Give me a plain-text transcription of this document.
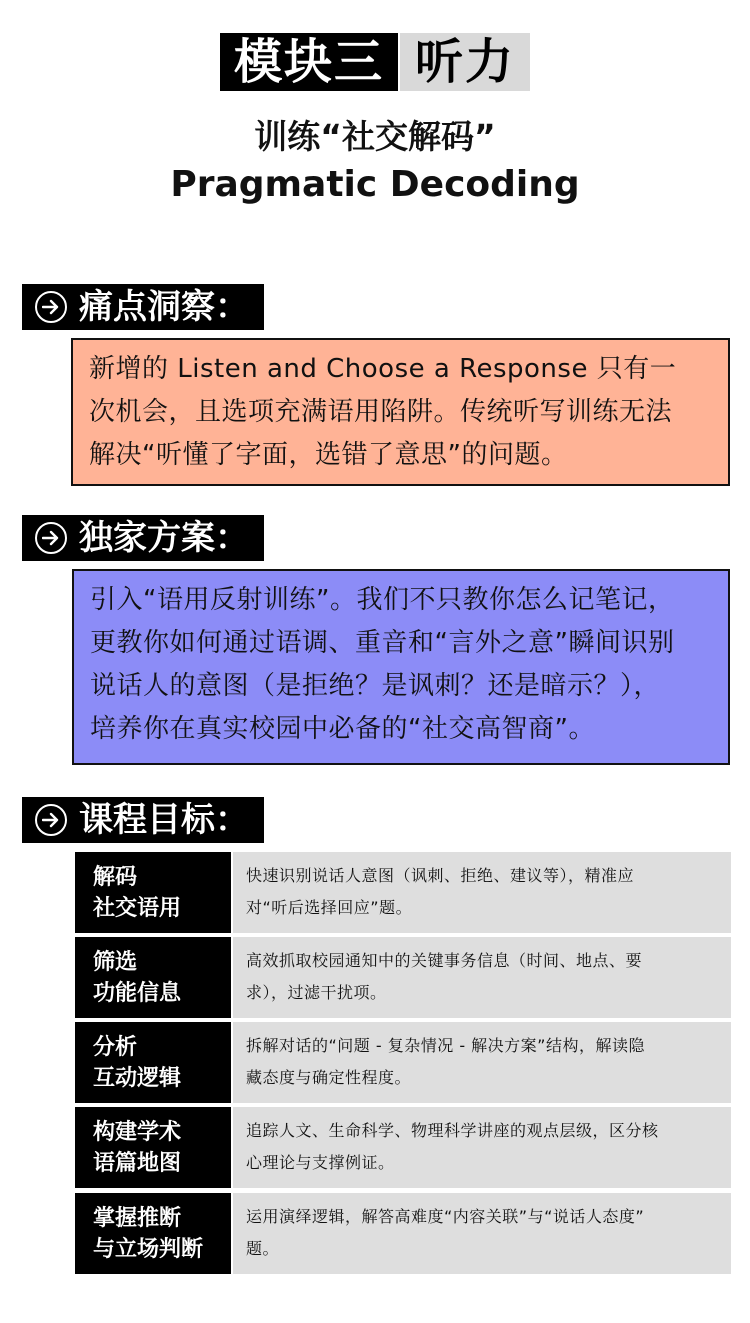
模块三 听力
训练“社交解码”
Pragmatic Decoding
痛点洞察：
新增的 Listen and Choose a Response 只有一
次机会，且选项充满语用陷阱。传统听写训练无法
解决“听懂了字面，选错了意思”的问题。
独家方案：
引入“语用反射训练”。我们不只教你怎么记笔记，
更教你如何通过语调、重音和“言外之意”瞬间识别
说话人的意图（是拒绝？是讽刺？还是暗示？），
培养你在真实校园中必备的“社交高智商”。
课程目标：
解码
社交语用
快速识别说话人意图（讽刺、拒绝、建议等），精准应
对“听后选择回应”题。
筛选
功能信息
高效抓取校园通知中的关键事务信息（时间、地点、要
求），过滤干扰项。
分析
互动逻辑
拆解对话的“问题 - 复杂情况 - 解决方案”结构，解读隐
藏态度与确定性程度。
构建学术
语篇地图
追踪人文、生命科学、物理科学讲座的观点层级，区分核
心理论与支撑例证。
掌握推断
与立场判断
运用演绎逻辑，解答高难度“内容关联”与“说话人态度”
题。
